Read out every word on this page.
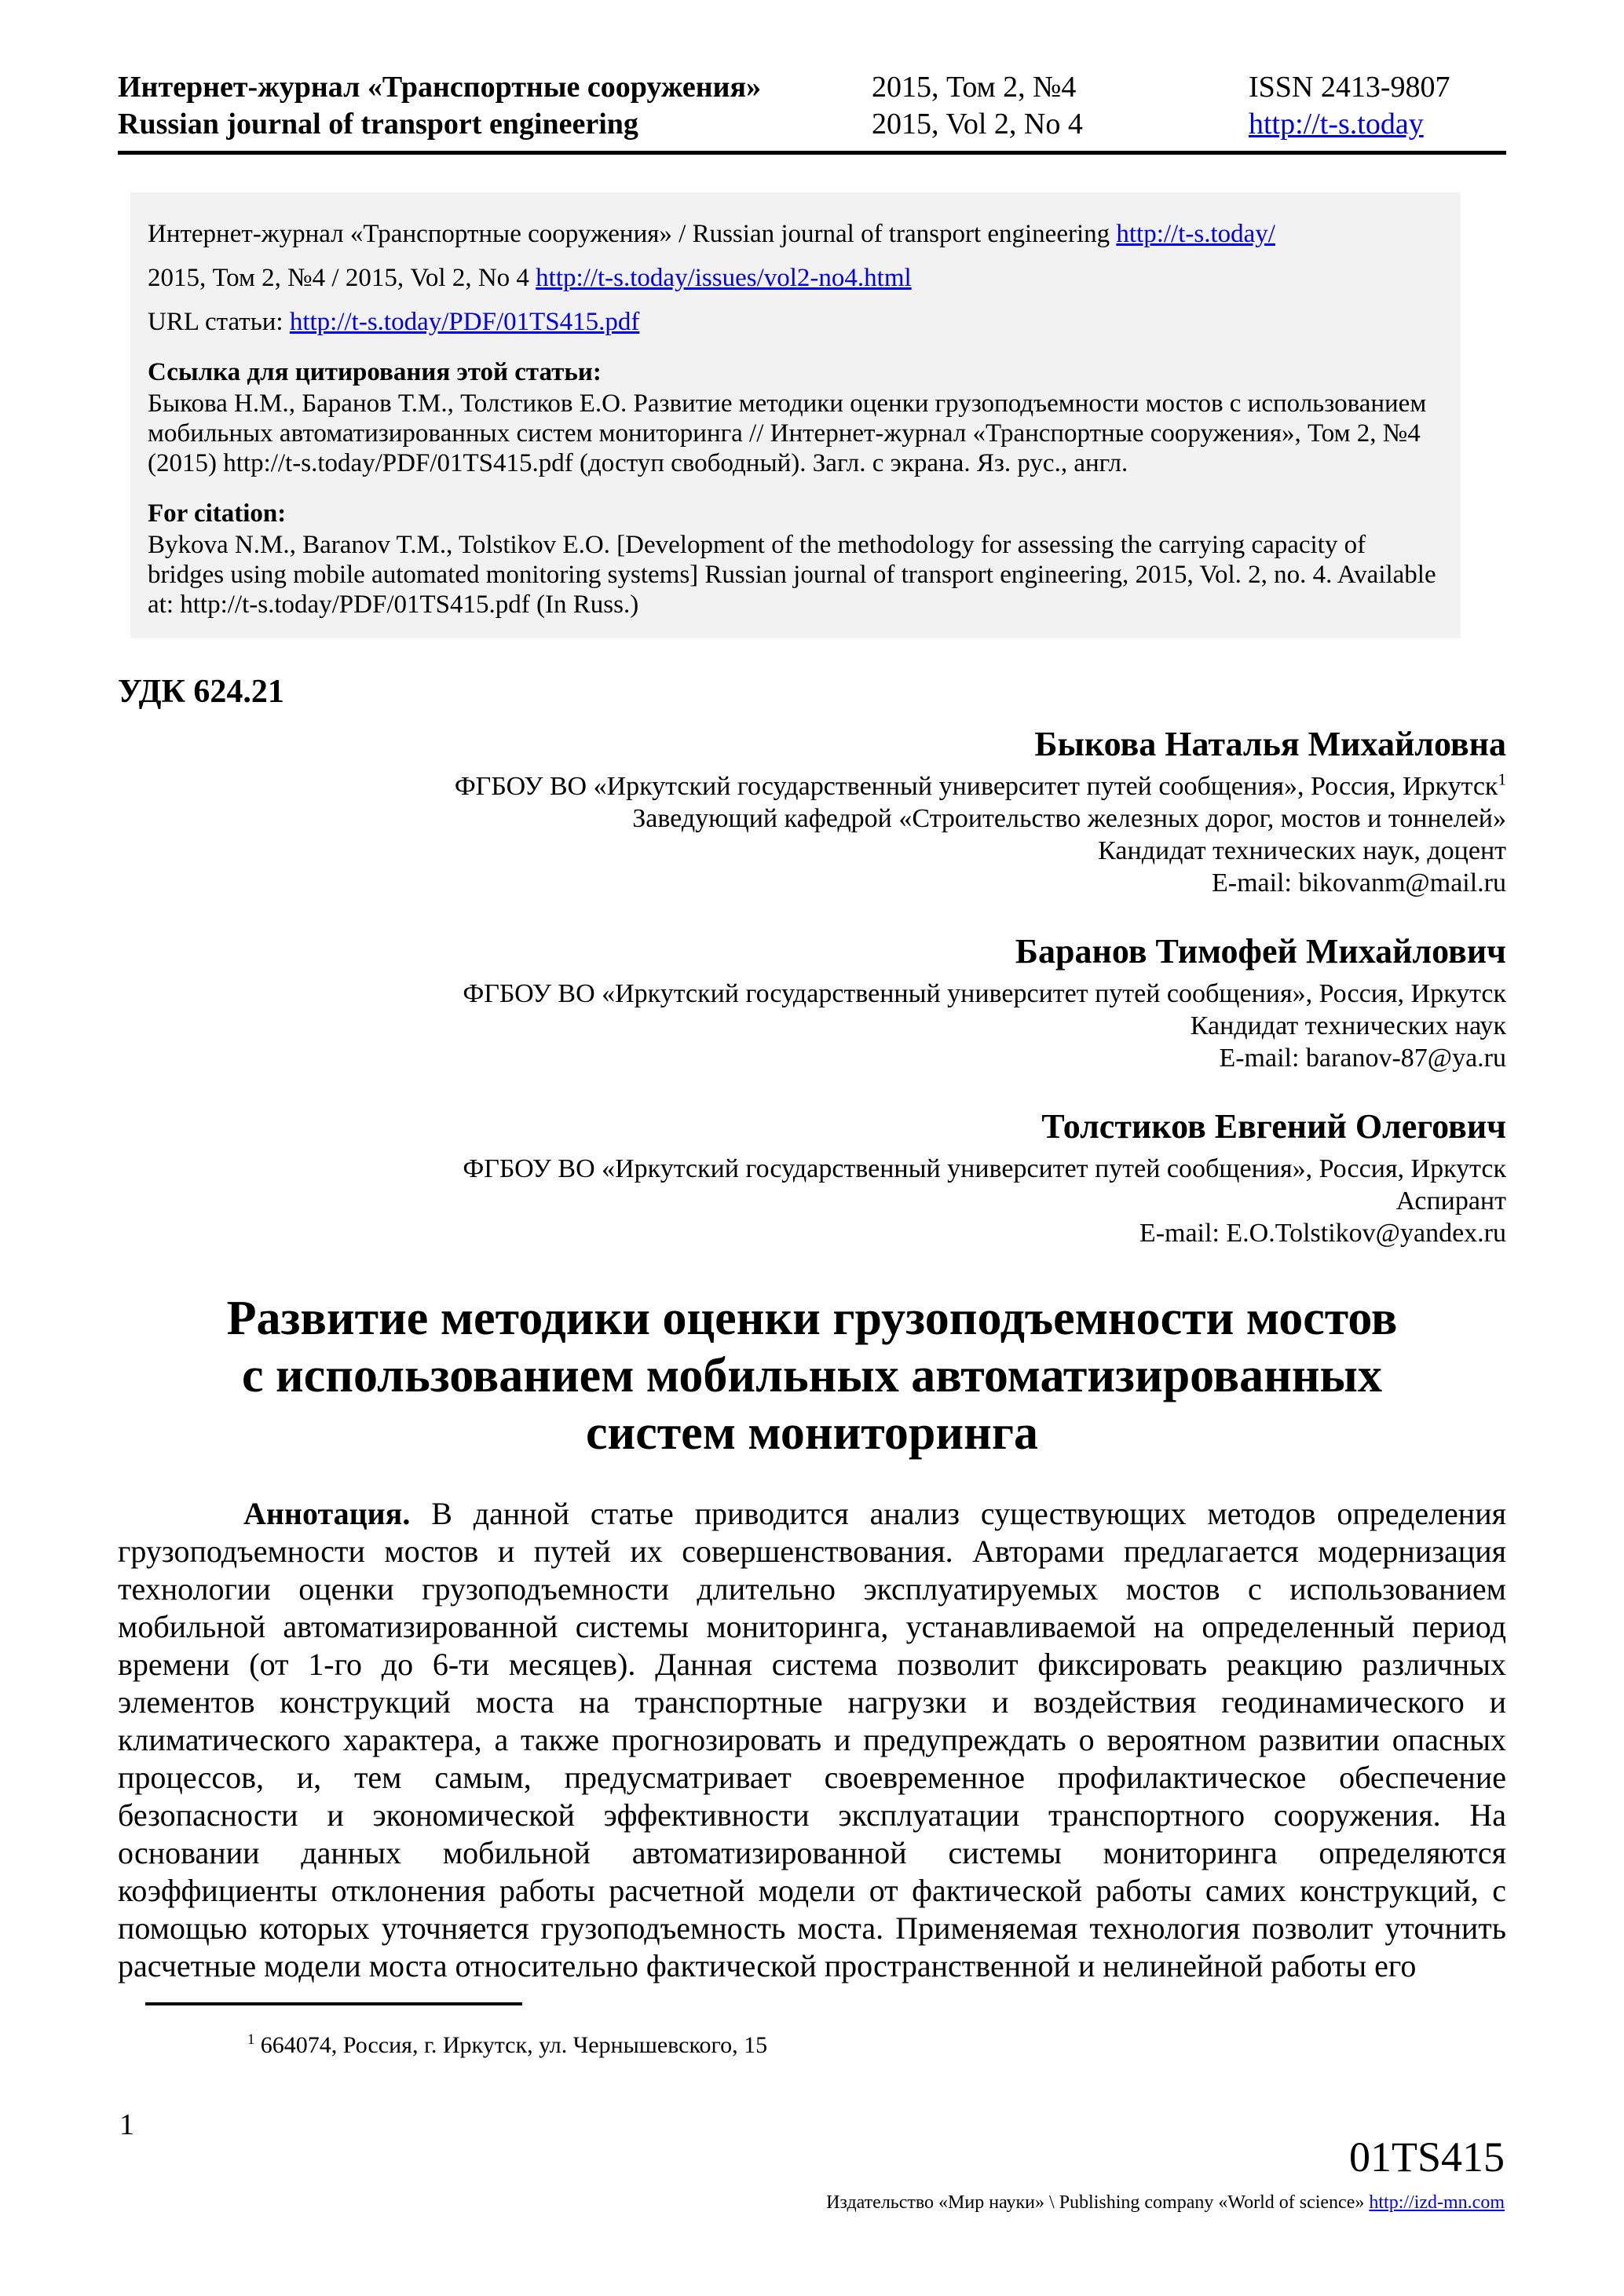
Интернет-журнал «Транспортные сооружения»
Russian journal of transport engineering
2015, Том 2, №4
2015, Vol 2, No 4
ISSN 2413-9807
http://t-s.today

Интернет-журнал «Транспортные сооружения» / Russian journal of transport engineering http://t-s.today/

2015, Том 2, №4 / 2015, Vol 2, No 4 http://t-s.today/issues/vol2-no4.html

URL статьи: http://t-s.today/PDF/01TS415.pdf

Ссылка для цитирования этой статьи:

Быкова Н.М., Баранов Т.М., Толстиков Е.О. Развитие методики оценки грузоподъемности мостов с использованием мобильных автоматизированных систем мониторинга // Интернет-журнал «Транспортные сооружения», Том 2, №4 (2015) http://t-s.today/PDF/01TS415.pdf (доступ свободный). Загл. с экрана. Яз. рус., англ.

For citation:

Bykova N.M., Baranov T.M., Tolstikov E.O. [Development of the methodology for assessing the carrying capacity of bridges using mobile automated monitoring systems] Russian journal of transport engineering, 2015, Vol. 2, no. 4. Available at: http://t-s.today/PDF/01TS415.pdf (In Russ.)

УДК 624.21
Быкова Наталья Михайловна
ФГБОУ ВО «Иркутский государственный университет путей сообщения», Россия, Иркутск$^1$
Заведующий кафедрой «Строительство железных дорог, мостов и тоннелей»
Кандидат технических наук, доцент
E-mail: bikovanm@mail.ru
Баранов Тимофей Михайлович
ФГБОУ ВО «Иркутский государственный университет путей сообщения», Россия, Иркутск
Кандидат технических наук
E-mail: baranov-87@ya.ru
Толстиков Евгений Олегович
ФГБОУ ВО «Иркутский государственный университет путей сообщения», Россия, Иркутск
Аспирант
E-mail: E.O.Tolstikov@yandex.ru
Развитие методики оценки грузоподъемности мостов
с использованием мобильных автоматизированных
систем мониторинга

Аннотация. В данной статье приводится анализ существующих методов определения грузоподъемности мостов и путей их совершенствования. Авторами предлагается модернизация технологии оценки грузоподъемности длительно эксплуатируемых мостов с использованием мобильной автоматизированной системы мониторинга, устанавливаемой на определенный период времени (от 1-го до 6-ти месяцев). Данная система позволит фиксировать реакцию различных элементов конструкций моста на транспортные нагрузки и воздействия геодинамического и климатического характера, а также прогнозировать и предупреждать о вероятном развитии опасных процессов, и, тем самым, предусматривает своевременное профилактическое обеспечение безопасности и экономической эффективности эксплуатации транспортного сооружения. На основании данных мобильной автоматизированной системы мониторинга определяются коэффициенты отклонения работы расчетной модели от фактической работы самих конструкций, с помощью которых уточняется грузоподъемность моста. Применяемая технология позволит уточнить расчетные модели моста относительно фактической пространственной и нелинейной работы его

$^1$ 664074, Россия, г. Иркутск, ул. Чернышевского, 15
1
01TS415
Издательство «Мир науки» \ Publishing company «World of science» http://izd-mn.com
